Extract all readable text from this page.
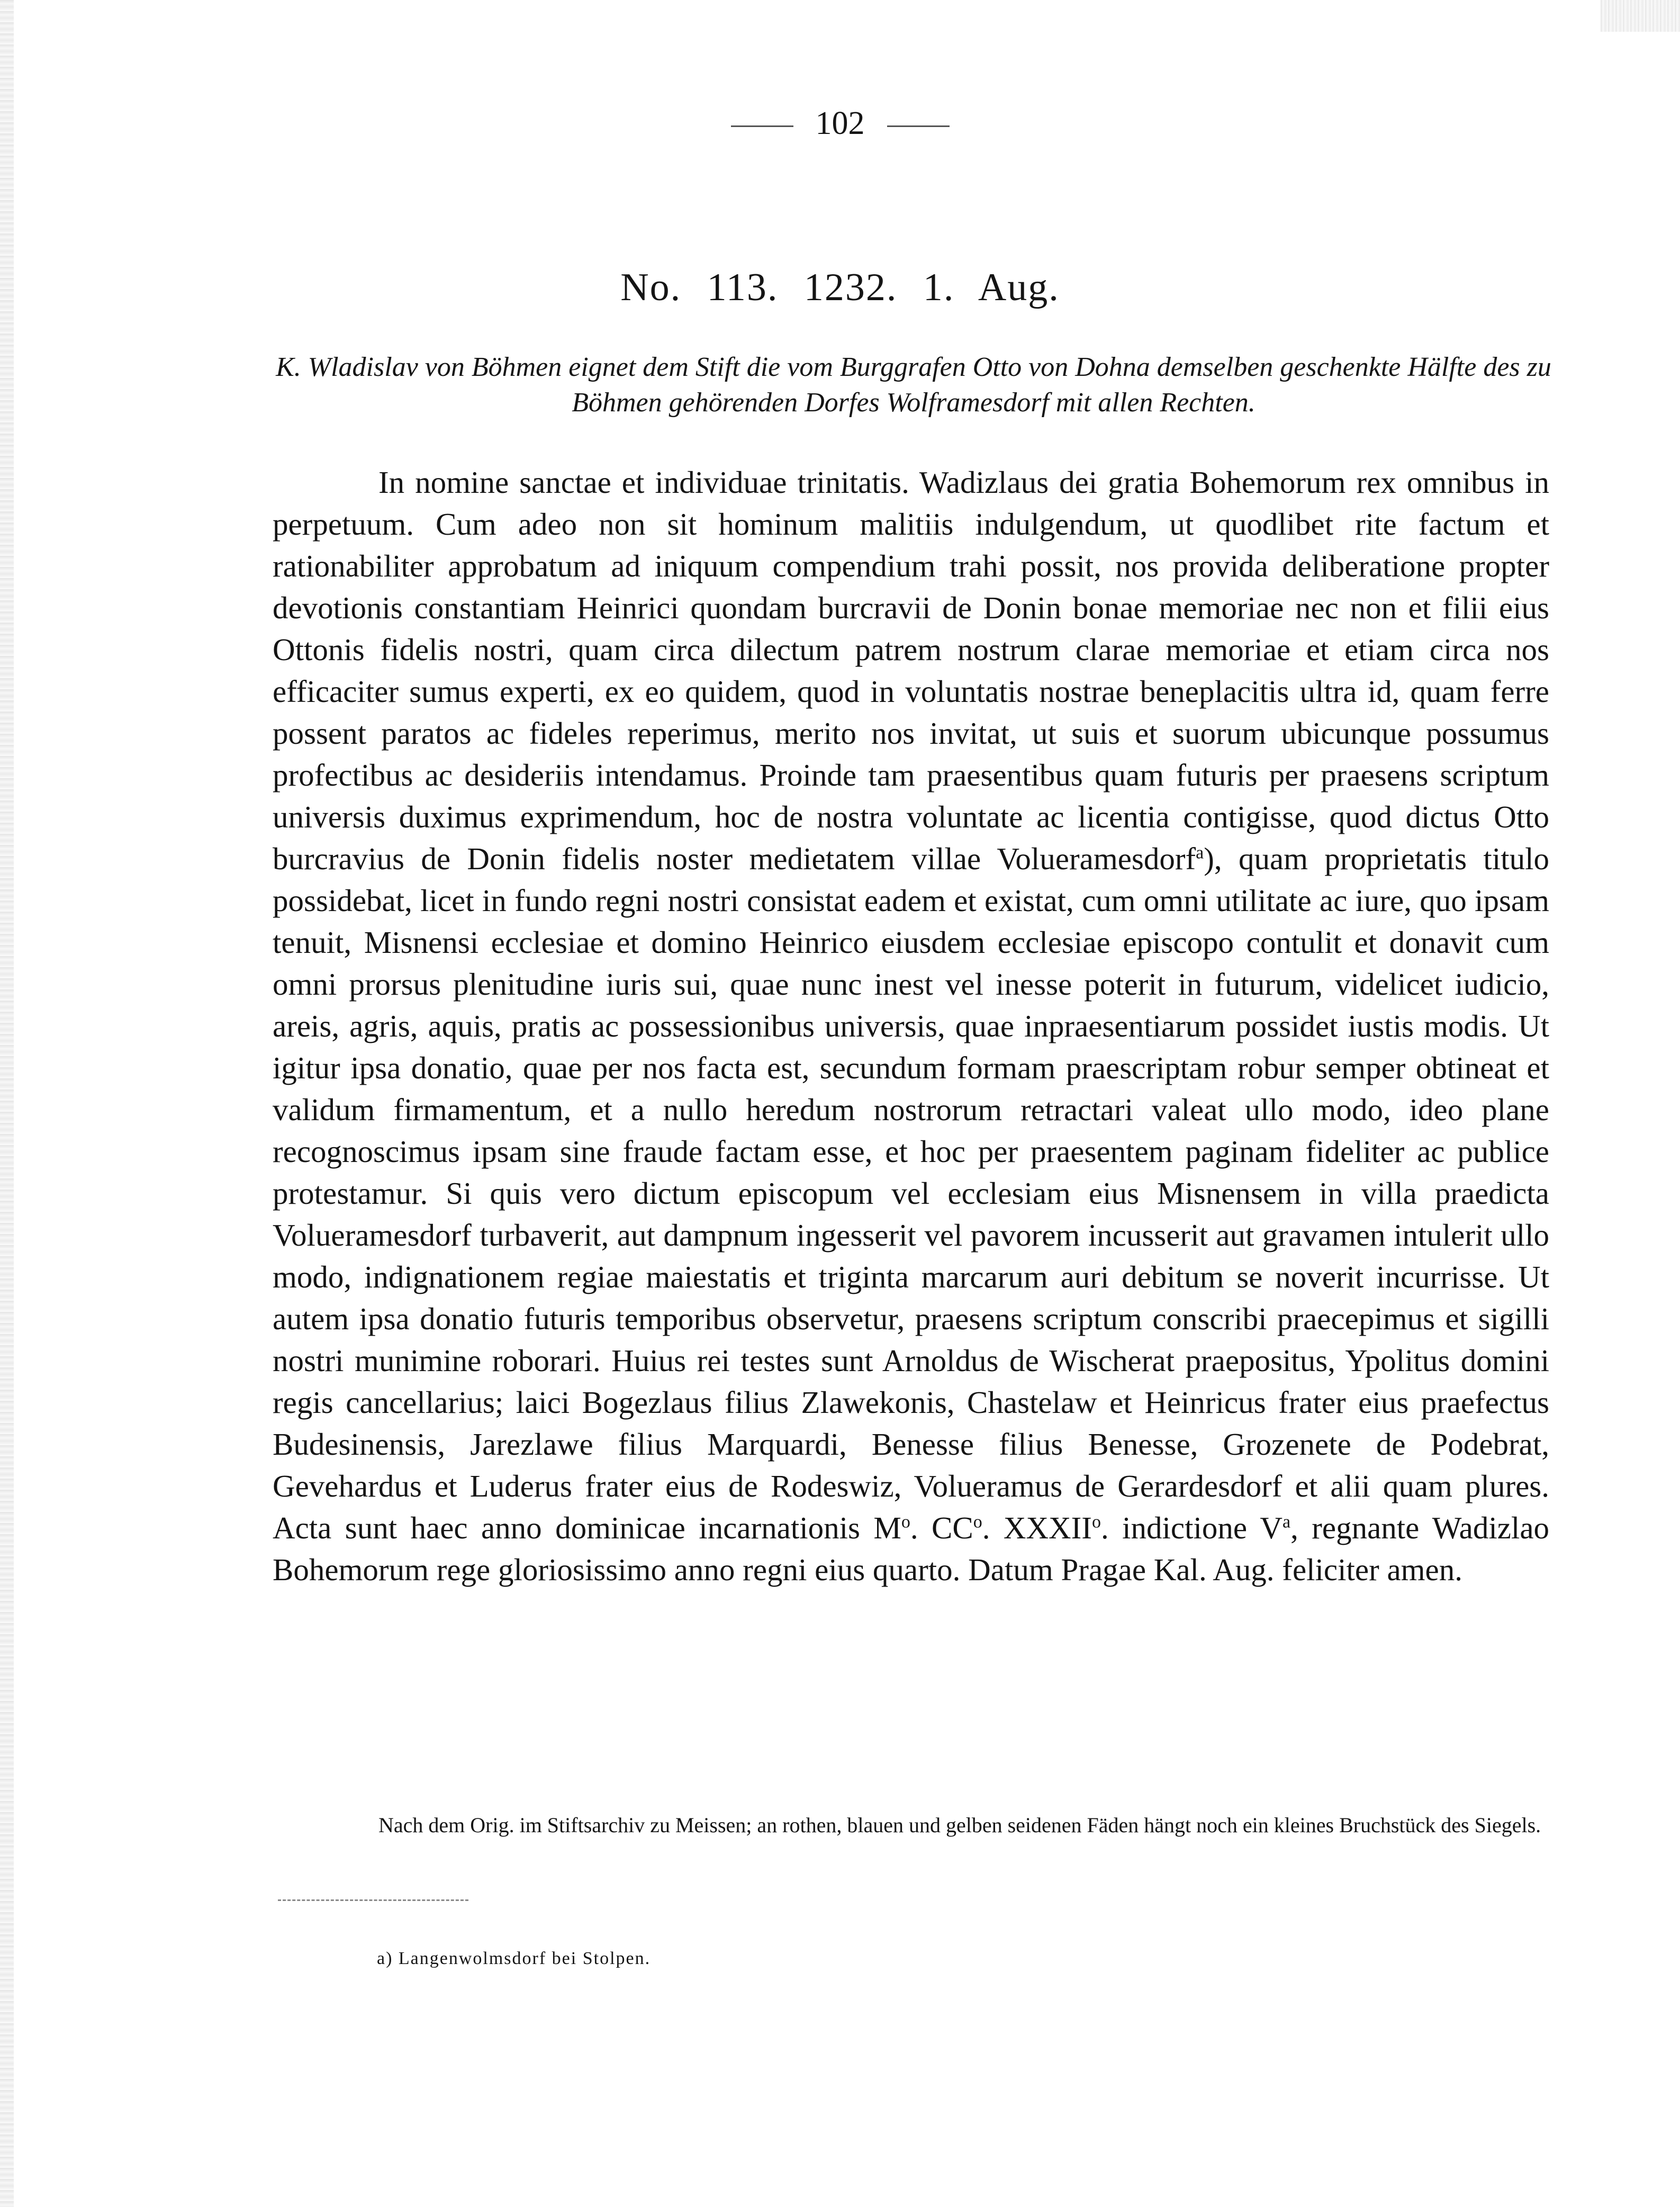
102
No. 113. 1232. 1. Aug.
K. Wladislav von Böhmen eignet dem Stift die vom Burggrafen Otto von Dohna demselben geschenkte Hälfte des zu Böhmen gehörenden Dorfes Wolframesdorf mit allen Rechten.

In nomine sanctae et individuae trinitatis. Wadizlaus dei gratia Bohemorum rex omnibus in perpetuum. Cum adeo non sit hominum malitiis indulgendum, ut quodlibet rite factum et rationabiliter approbatum ad iniquum compendium trahi possit, nos provida deliberatione propter devotionis constantiam Heinrici quondam burcravii de Donin bonae memoriae nec non et filii eius Ottonis fidelis nostri, quam circa dilectum patrem nostrum clarae memoriae et etiam circa nos efficaciter sumus experti, ex eo quidem, quod in voluntatis nostrae beneplacitis ultra id, quam ferre possent paratos ac fideles reperimus, merito nos invitat, ut suis et suorum ubicunque possumus profectibus ac desideriis intendamus. Proinde tam praesentibus quam futuris per praesens scriptum universis duximus exprimendum, hoc de nostra voluntate ac licentia contigisse, quod dictus Otto burcravius de Donin fidelis noster medietatem villae Volueramesdorf$^a$), quam proprietatis titulo possidebat, licet in fundo regni nostri consistat eadem et existat, cum omni utilitate ac iure, quo ipsam tenuit, Misnensi ecclesiae et domino Heinrico eiusdem ecclesiae episcopo contulit et donavit cum omni prorsus plenitudine iuris sui, quae nunc inest vel inesse poterit in futurum, videlicet iudicio, areis, agris, aquis, pratis ac possessionibus universis, quae inpraesentiarum possidet iustis modis. Ut igitur ipsa donatio, quae per nos facta est, secundum formam praescriptam robur semper obtineat et validum firmamentum, et a nullo heredum nostrorum retractari valeat ullo modo, ideo plane recognoscimus ipsam sine fraude factam esse, et hoc per praesentem paginam fideliter ac publice protestamur. Si quis vero dictum episcopum vel ecclesiam eius Misnensem in villa praedicta Volueramesdorf turbaverit, aut dampnum ingesserit vel pavorem incusserit aut gravamen intulerit ullo modo, indignationem regiae maiestatis et triginta marcarum auri debitum se noverit incurrisse. Ut autem ipsa donatio futuris temporibus observetur, praesens scriptum conscribi praecepimus et sigilli nostri munimine roborari. Huius rei testes sunt Arnoldus de Wischerat praepositus, Ypolitus domini regis cancellarius; laici Bogezlaus filius Zlawekonis, Chastelaw et Heinricus frater eius praefectus Budesinensis, Jarezlawe filius Marquardi, Benesse filius Benesse, Grozenete de Podebrat, Gevehardus et Luderus frater eius de Rodeswiz, Volueramus de Gerardesdorf et alii quam plures. Acta sunt haec anno dominicae incarnationis $M^o$. $CC^o$. XXXII$^o$. indictione $V^a$, regnante Wadizlao Bohemorum rege gloriosissimo anno regni eius quarto. Datum Pragae Kal. Aug. feliciter amen.

Nach dem Orig. im Stiftsarchiv zu Meissen; an rothen, blauen und gelben seidenen Fäden hängt noch ein kleines Bruchstück des Siegels.

a) Langenwolmsdorf bei Stolpen.
